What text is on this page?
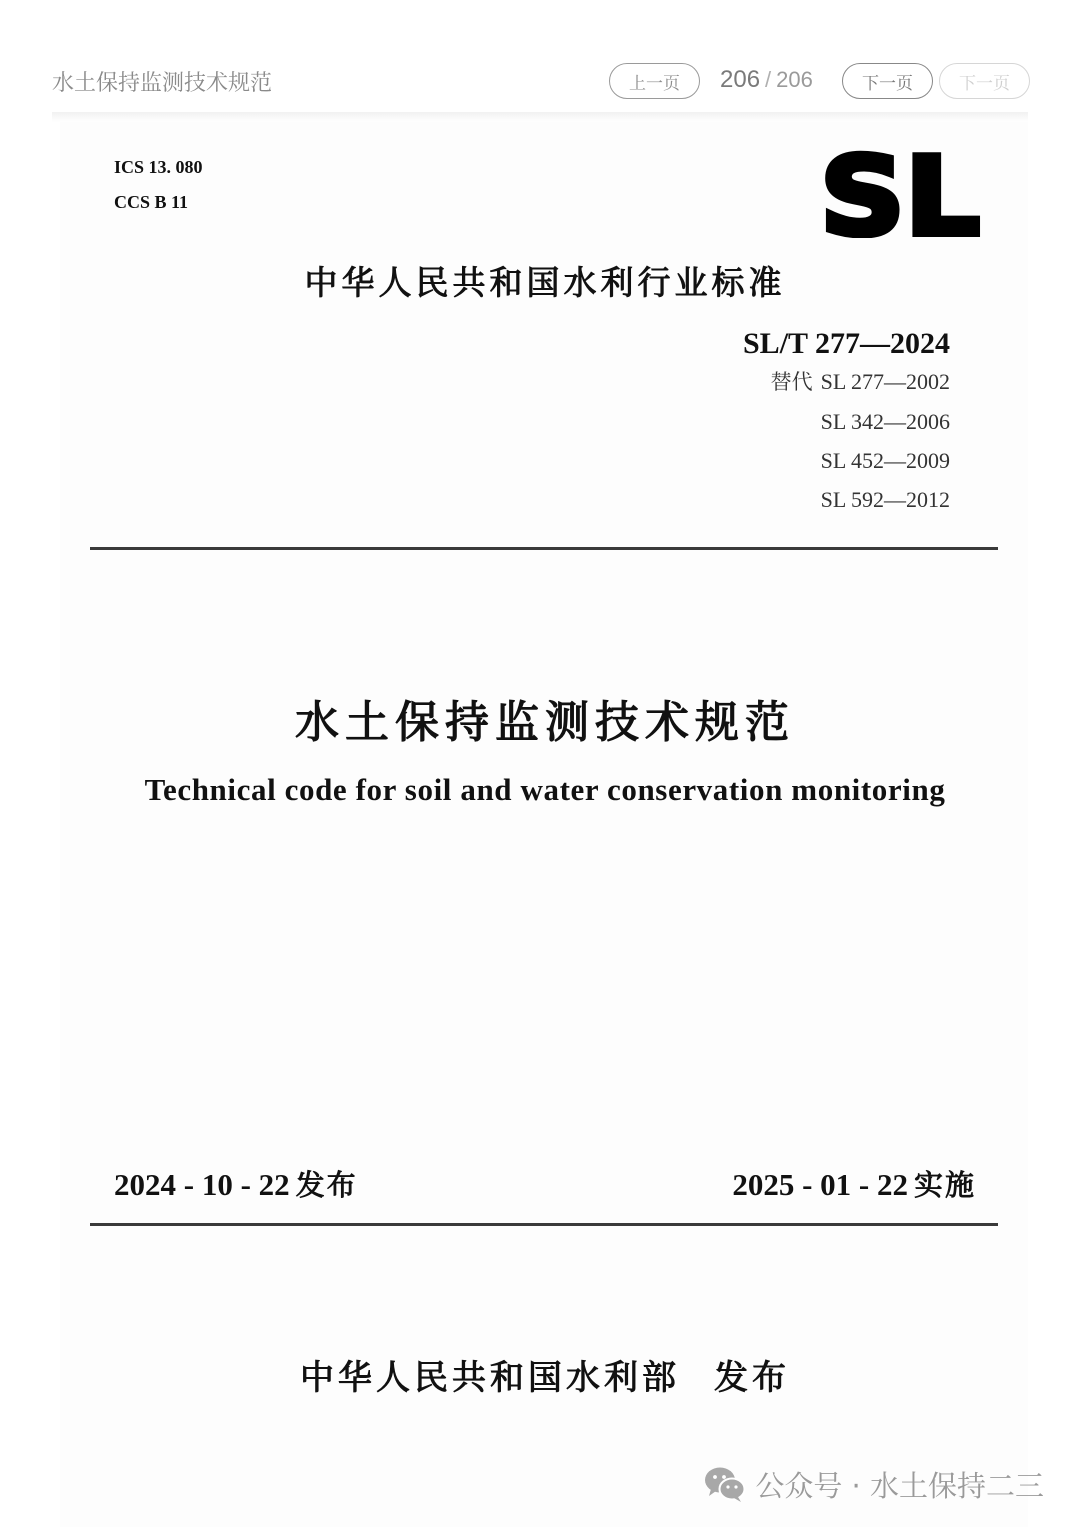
水土保持监测技术规范	上一页	206 / 206	下一页	下一页
ICS 13. 080
CCS B 11	SL
中华人民共和国水利行业标准
SL/T 277—2024
替代 SL 277—2002
SL 342—2006
SL 452—2009
SL 592—2012
水土保持监测技术规范
Technical code for soil and water conservation monitoring
2024 - 10 - 22 发布	2025 - 01 - 22 实施
中华人民共和国水利部 发布
公众号 · 水土保持二三
